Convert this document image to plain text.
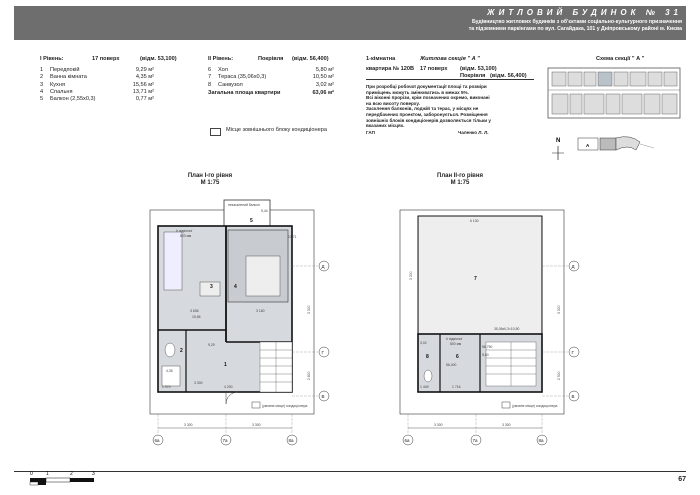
ЖИТЛОВИЙ БУДИНОК № 31
Будівництво житлових будинків з об'єктами соціально-культурного призначення
та підземними паркінгами по вул. Сагайдака, 101 у Дніпровському районі м. Києва
І Рівень:	17 поверх	(відм. 53,100)
1	Передпокій	9,29 м²
2	Ванна кімната	4,35 м²
3	Кухня	15,56 м²
4	Спальня	13,71 м²
5	Балкон (2,55х0,3)	0,77 м²
ІІ Рівень:	Покрівля	(відм. 56,400)
6	Хол	5,80 м²
7	Тераса (35,06х0,3)	10,50 м²
8	Санвузол	3,02 м²
Загальна площа квартири	63,06 м²
1-кімнатна	Житлова секція " А "
квартира № 120В	17 поверх	(відм. 53,100)
Покрівля (відм. 56,400)
При розробці робочої документації площі та розміри
приміщень можуть змінюватись в межах 5%.
Всі віконні прорізи, крім позначених окремо, виконані
на всю висоту поверху.
Засклення балконів, лоджій та терас, у місцях не
передбачених проектом, заборонується. Розміщення
зовнішніх блоків кондиціонерів дозволяється тільки у
вказаних місцях.
ГАП	Чаленко Л. Л.
Місце зовнішнього блоку кондиціонера
Схема секції " А "
N
А
План І-го рівня
М 1:75
незасклений балкон
5
5,44
h підвісної
800 мм
3	4
2
1
13,71
15,56
9,29
4,35
3 300
3 636	3 160
4 200
1 970
(умовне місце) кондиціонера
Д
Г
В
3 300
2 800
3 300	3 300
6а	7а	8а
План ІІ-го рівня
М 1:75
6 130
7
35,06х0,3=10,50
h підвісної
800 мм
8	6
3,02
5,80
56,750
56,400
1 449	1 716
(умовне місце) кондиціонера
Д
Г
В
3 300
2 500
3 300
3 300	3 300
6а	7а	8а
0	1	2	3
67
